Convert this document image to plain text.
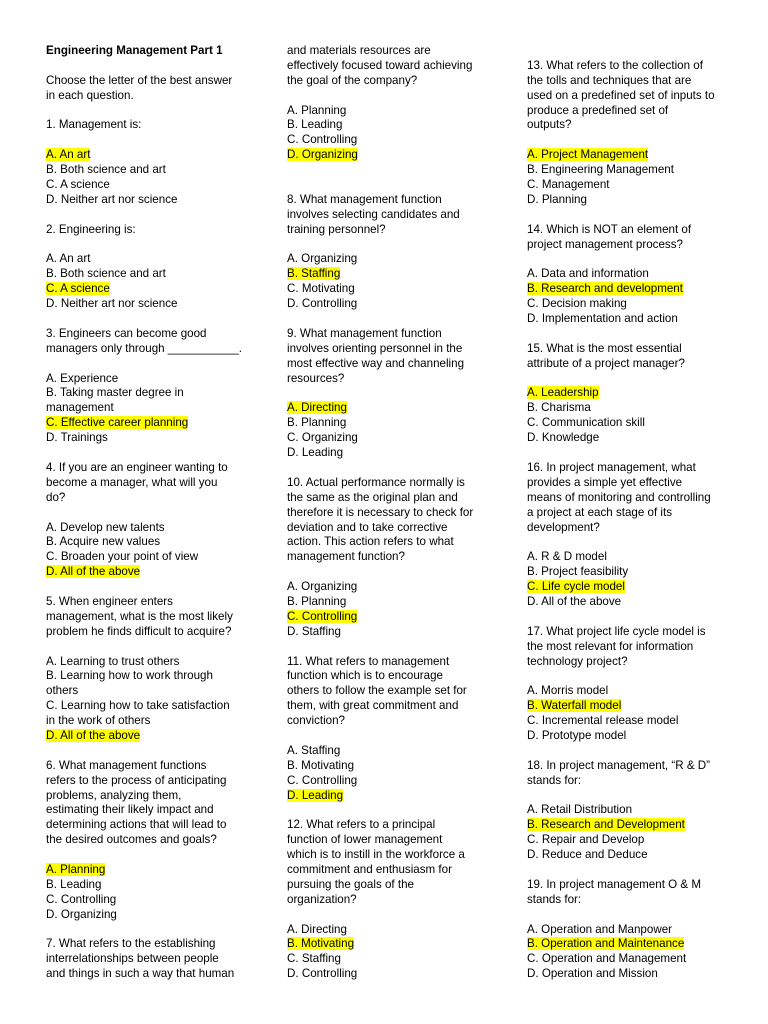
Engineering Management Part 1
Choose the letter of the best answer
in each question.
1. Management is:
A. An art
B. Both science and art
C. A science
D. Neither art nor science
2. Engineering is:
A. An art
B. Both science and art
C. A science
D. Neither art nor science
3. Engineers can become good
managers only through ___________.
A. Experience
B. Taking master degree in
management
C. Effective career planning
D. Trainings
4. If you are an engineer wanting to
become a manager, what will you
do?
A. Develop new talents
B. Acquire new values
C. Broaden your point of view
D. All of the above
5. When engineer enters
management, what is the most likely
problem he finds difficult to acquire?
A. Learning to trust others
B. Learning how to work through
others
C. Learning how to take satisfaction
in the work of others
D. All of the above
6. What management functions
refers to the process of anticipating
problems, analyzing them,
estimating their likely impact and
determining actions that will lead to
the desired outcomes and goals?
A. Planning
B. Leading
C. Controlling
D. Organizing
7. What refers to the establishing
interrelationships between people
and things in such a way that human
and materials resources are
effectively focused toward achieving
the goal of the company?
A. Planning
B. Leading
C. Controlling
D. Organizing
8. What management function
involves selecting candidates and
training personnel?
A. Organizing
B. Staffing
C. Motivating
D. Controlling
9. What management function
involves orienting personnel in the
most effective way and channeling
resources?
A. Directing
B. Planning
C. Organizing
D. Leading
10. Actual performance normally is
the same as the original plan and
therefore it is necessary to check for
deviation and to take corrective
action. This action refers to what
management function?
A. Organizing
B. Planning
C. Controlling
D. Staffing
11. What refers to management
function which is to encourage
others to follow the example set for
them, with great commitment and
conviction?
A. Staffing
B. Motivating
C. Controlling
D. Leading
12. What refers to a principal
function of lower management
which is to instill in the workforce a
commitment and enthusiasm for
pursuing the goals of the
organization?
A. Directing
B. Motivating
C. Staffing
D. Controlling
13. What refers to the collection of
the tolls and techniques that are
used on a predefined set of inputs to
produce a predefined set of
outputs?
A. Project Management
B. Engineering Management
C. Management
D. Planning
14. Which is NOT an element of
project management process?
A. Data and information
B. Research and development
C. Decision making
D. Implementation and action
15. What is the most essential
attribute of a project manager?
A. Leadership
B. Charisma
C. Communication skill
D. Knowledge
16. In project management, what
provides a simple yet effective
means of monitoring and controlling
a project at each stage of its
development?
A. R & D model
B. Project feasibility
C. Life cycle model
D. All of the above
17. What project life cycle model is
the most relevant for information
technology project?
A. Morris model
B. Waterfall model
C. Incremental release model
D. Prototype model
18. In project management, “R & D”
stands for:
A. Retail Distribution
B. Research and Development
C. Repair and Develop
D. Reduce and Deduce
19. In project management O & M
stands for:
A. Operation and Manpower
B. Operation and Maintenance
C. Operation and Management
D. Operation and Mission
